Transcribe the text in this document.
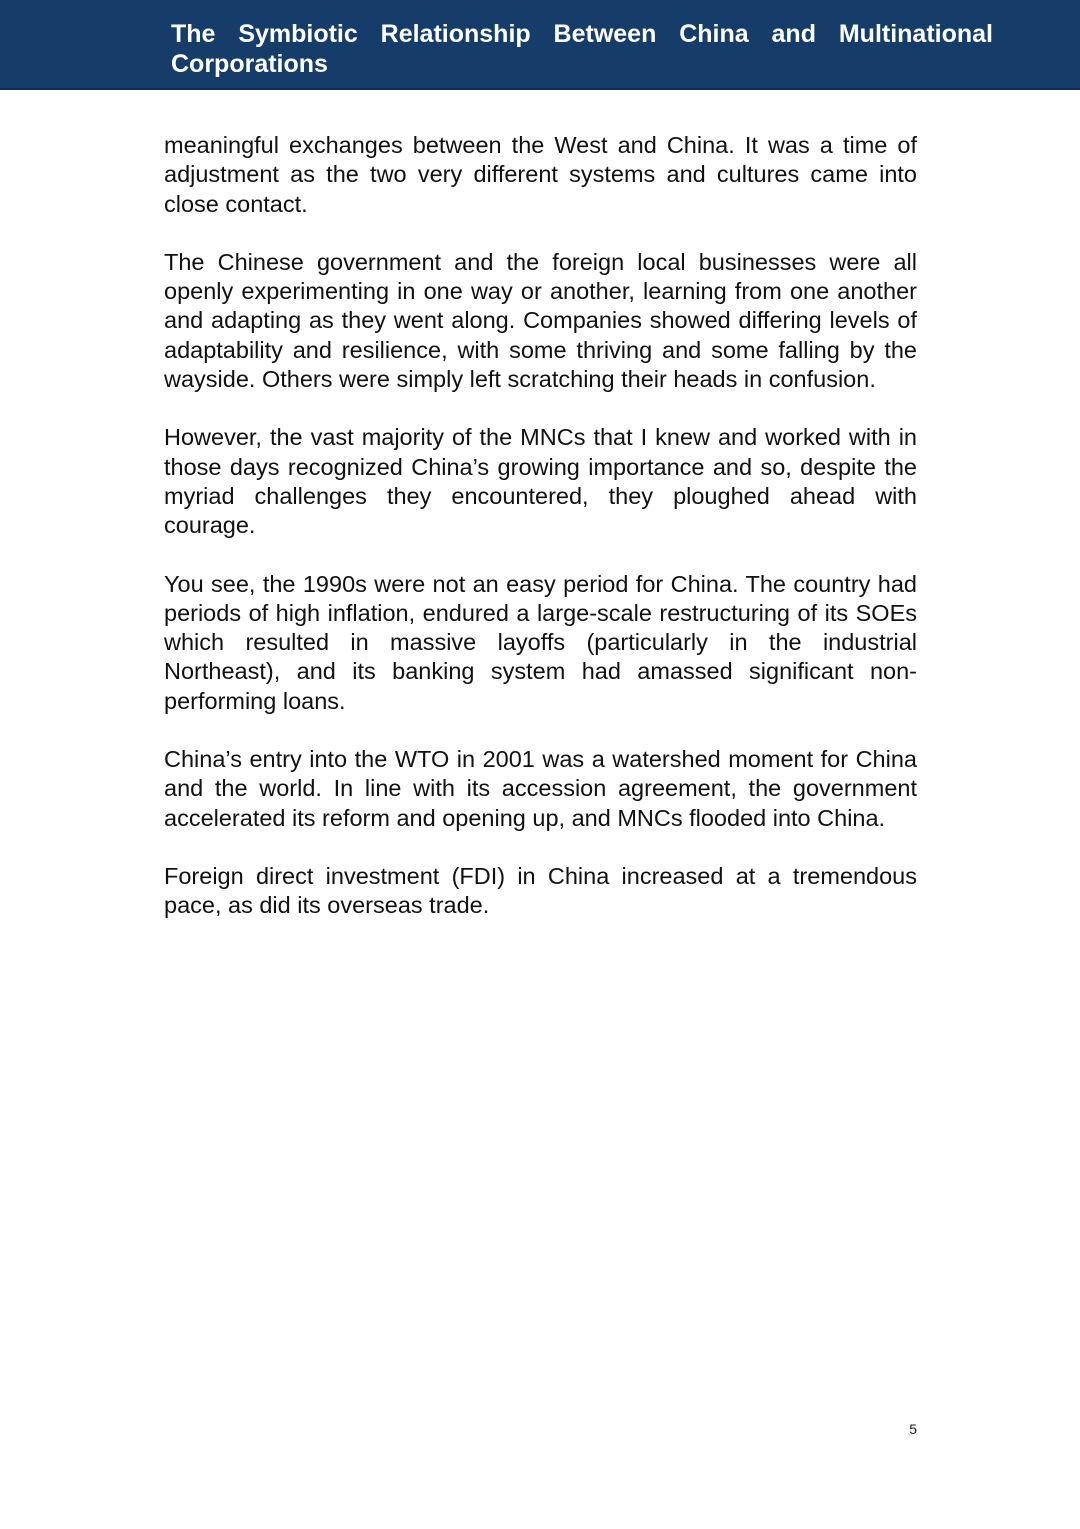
The Symbiotic Relationship Between China and Multinational Corporations

meaningful exchanges between the West and China. It was a time of adjustment as the two very different systems and cultures came into close contact.

The Chinese government and the foreign local businesses were all openly experimenting in one way or another, learning from one another and adapting as they went along. Companies showed differing levels of adaptability and resilience, with some thriving and some falling by the wayside. Others were simply left scratching their heads in confusion.

However, the vast majority of the MNCs that I knew and worked with in those days recognized China’s growing importance and so, despite the myriad challenges they encountered, they ploughed ahead with courage.

You see, the 1990s were not an easy period for China. The country had periods of high inflation, endured a large-scale restructuring of its SOEs which resulted in massive layoffs (particularly in the industrial Northeast), and its banking system had amassed significant non-performing loans.

China’s entry into the WTO in 2001 was a watershed moment for China and the world. In line with its accession agreement, the government accelerated its reform and opening up, and MNCs flooded into China.

Foreign direct investment (FDI) in China increased at a tremendous pace, as did its overseas trade.

5
